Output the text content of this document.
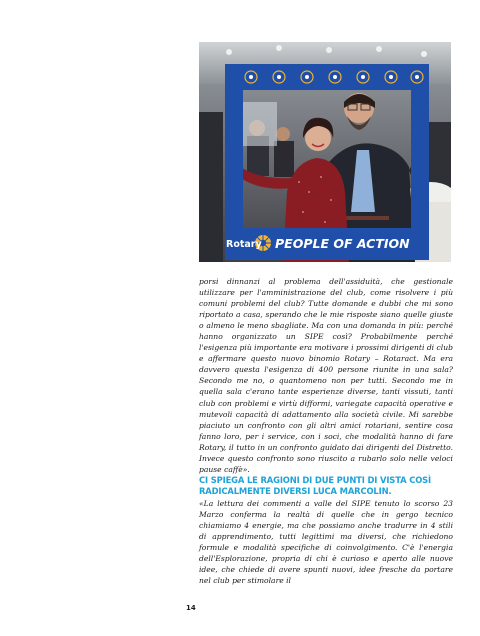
Rotary PEOPLE OF ACTION

porsi dinnanzi al problema dell'assiduità, che gestionale utilizzare per l'amministrazione del club, come risolvere i più comuni problemi del club? Tutte domande e dubbi che mi sono riportato a casa, sperando che le mie risposte siano quelle giuste o almeno le meno sbagliate. Ma con una domanda in più: perché hanno organizzato un SIPE così? Probabilmente perché l'esigenza più importante era motivare i prossimi dirigenti di club e affermare questo nuovo binomio Rotary – Rotaract. Ma era davvero questa l'esigenza di 400 persone riunite in una sala? Secondo me no, o quantomeno non per tutti. Secondo me in quella sala c'erano tante esperienze diverse, tanti vissuti, tanti club con problemi e virtù difformi, variegate capacità operative e mutevoli capacità di adattamento alla società civile. Mi sarebbe piaciuto un confronto con gli altri amici rotariani, sentire cosa fanno loro, per i service, con i soci, che modalità hanno di fare Rotary, il tutto in un confronto guidato dai dirigenti del Distretto. Invece questo confronto sono riuscito a rubarlo solo nelle veloci pause caffè».

CI SPIEGA LE RAGIONI DI DUE PUNTI DI VISTA COSÌ RADICALMENTE DIVERSI LUCA MARCOLIN.

«La lettura dei commenti a valle del SIPE tenuto lo scorso 23 Marzo conferma la realtà di quelle che in gergo tecnico chiamiamo 4 energie, ma che possiamo anche tradurre in 4 stili di apprendimento, tutti legittimi ma diversi, che richiedono formule e modalità specifiche di coinvolgimento. C'è l'energia dell'Esplorazione, propria di chi è curioso e aperto alle nuove idee, che chiede di avere spunti nuovi, idee fresche da portare nel club per stimolare il

14
